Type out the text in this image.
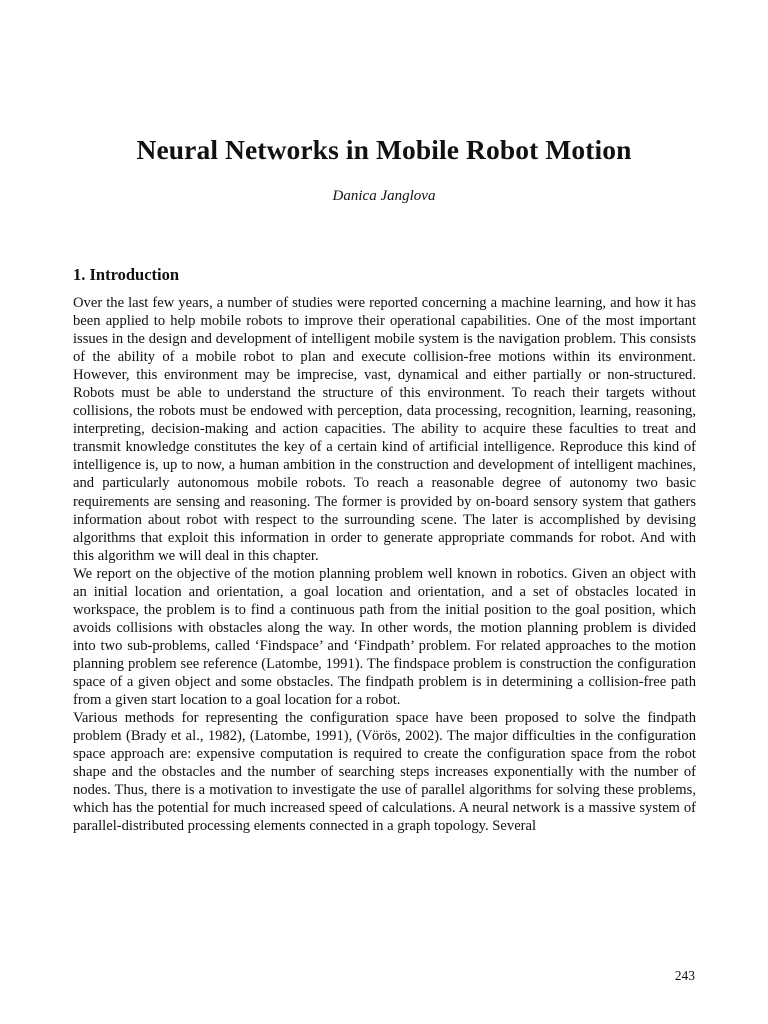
Neural Networks in Mobile Robot Motion
Danica Janglova
1. Introduction

Over the last few years, a number of studies were reported concerning a machine learning, and how it has been applied to help mobile robots to improve their operational capabilities. One of the most important issues in the design and development of intelligent mobile system is the navigation problem. This consists of the ability of a mobile robot to plan and execute collision-free motions within its environment. However, this environment may be imprecise, vast, dynamical and either partially or non-structured. Robots must be able to understand the structure of this environment. To reach their targets without collisions, the robots must be endowed with perception, data processing, recognition, learning, reasoning, interpreting, decision-making and action capacities. The ability to acquire these faculties to treat and transmit knowledge constitutes the key of a certain kind of artificial intelligence. Reproduce this kind of intelligence is, up to now, a human ambition in the construction and development of intelligent machines, and particularly autonomous mobile robots. To reach a reasonable degree of autonomy two basic requirements are sensing and reasoning. The former is provided by on-board sensory system that gathers information about robot with respect to the surrounding scene. The later is accomplished by devising algorithms that exploit this information in order to generate appropriate commands for robot. And with this algorithm we will deal in this chapter.

We report on the objective of the motion planning problem well known in robotics. Given an object with an initial location and orientation, a goal location and orientation, and a set of obstacles located in workspace, the problem is to find a continuous path from the initial position to the goal position, which avoids collisions with obstacles along the way. In other words, the motion planning problem is divided into two sub-problems, called ‘Findspace’ and ‘Findpath’ problem. For related approaches to the motion planning problem see reference (Latombe, 1991). The findspace problem is construction the configuration space of a given object and some obstacles. The findpath problem is in determining a collision-free path from a given start location to a goal location for a robot.

Various methods for representing the configuration space have been proposed to solve the findpath problem (Brady et al., 1982), (Latombe, 1991), (Vörös, 2002). The major difficulties in the configuration space approach are: expensive computation is required to create the configuration space from the robot shape and the obstacles and the number of searching steps increases exponentially with the number of nodes. Thus, there is a motivation to investigate the use of parallel algorithms for solving these problems, which has the potential for much increased speed of calculations. A neural network is a massive system of parallel-distributed processing elements connected in a graph topology. Several

243
